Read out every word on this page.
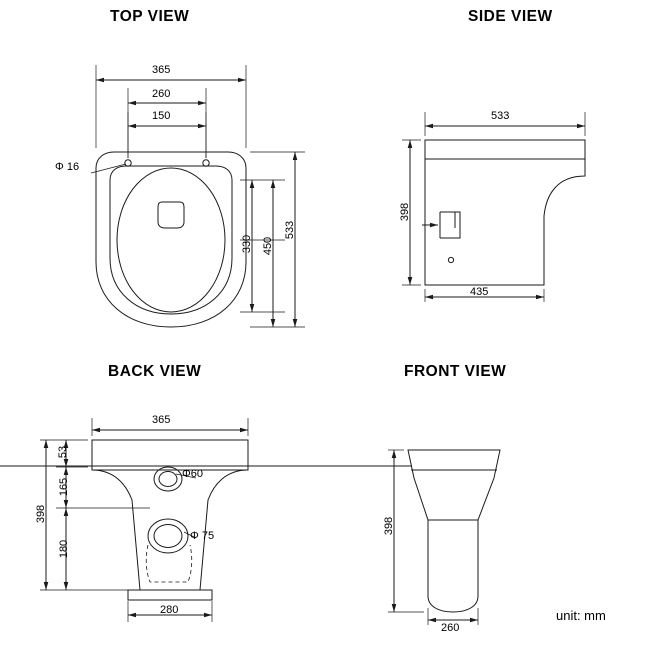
TOP VIEW	SIDE VIEW
BACK VIEW	FRONT VIEW
365
260
150
Φ 16
533
450
330
533
398
435
365
53
165
180
398
Φ60
Φ 75
280
398
260
unit: mm
